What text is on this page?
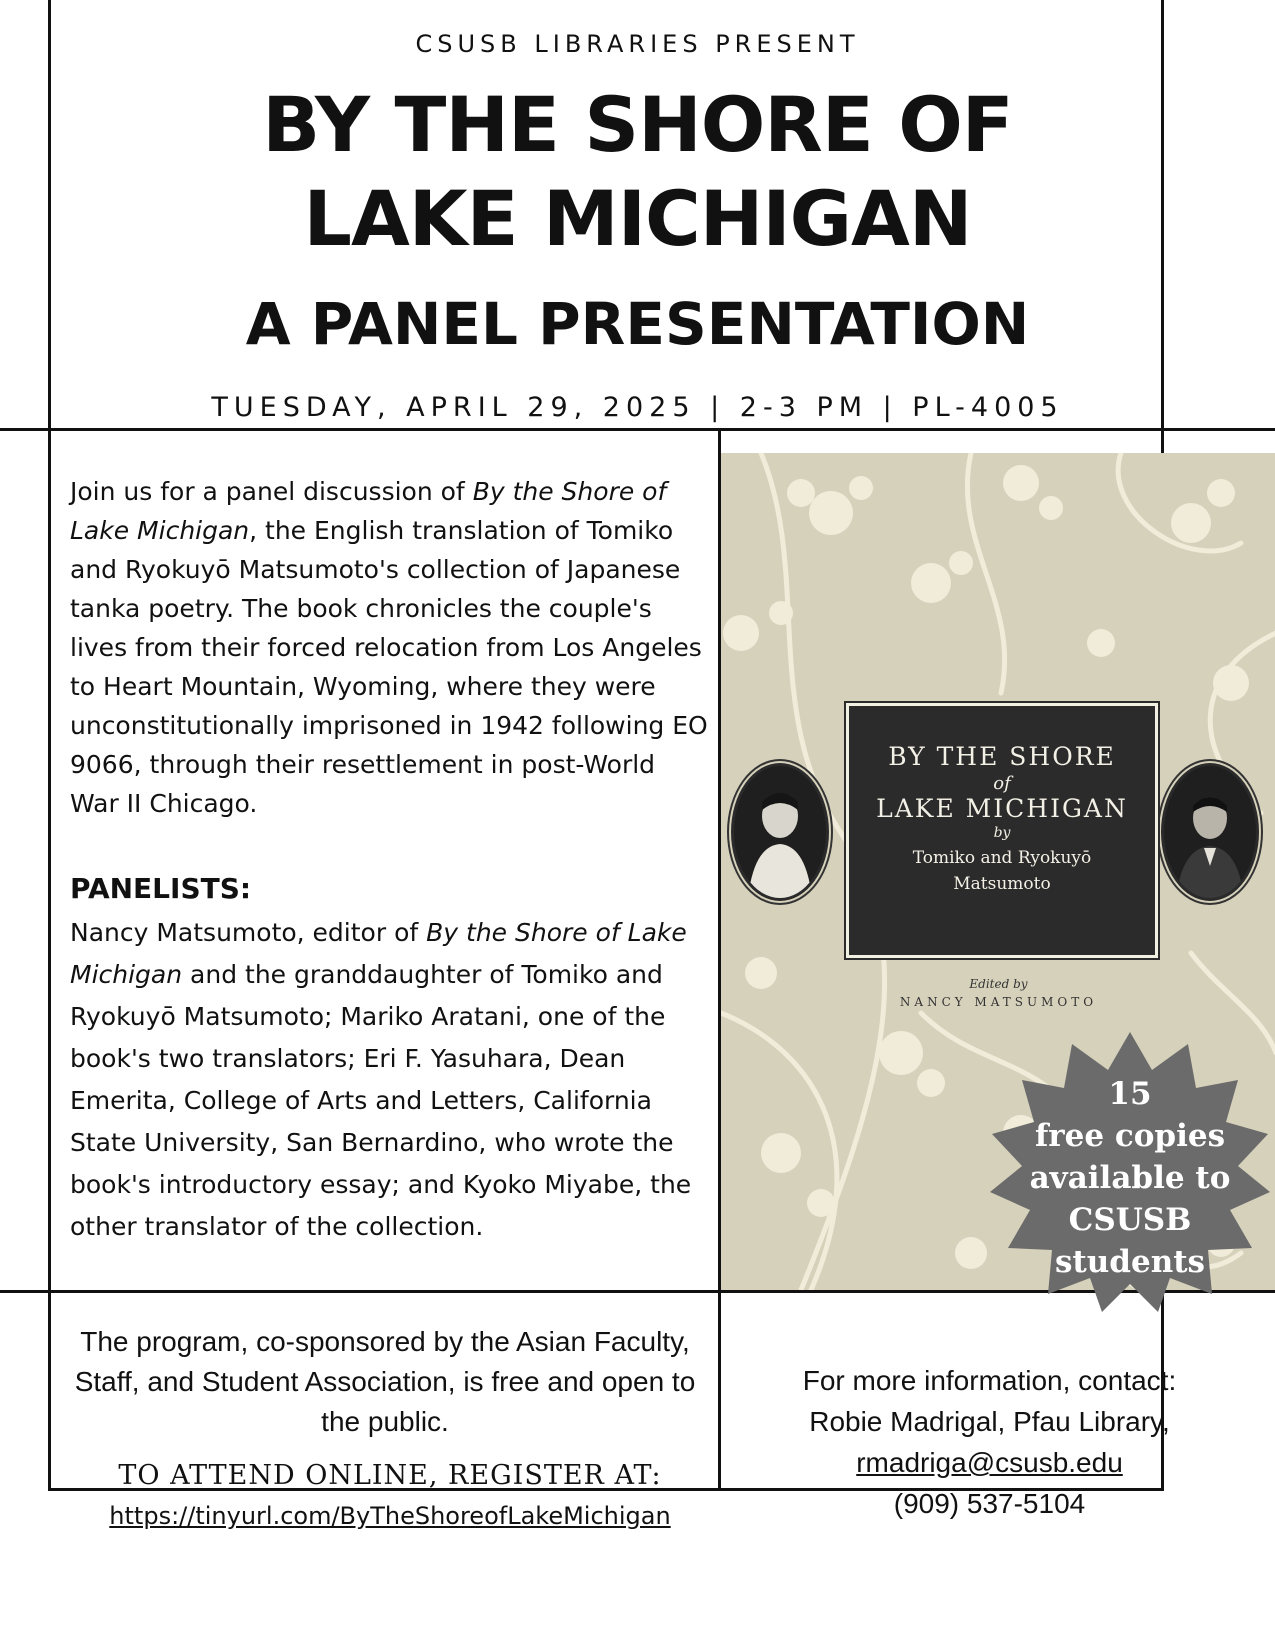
CSUSB LIBRARIES PRESENT
BY THE SHORE OF
LAKE MICHIGAN
A PANEL PRESENTATION
TUESDAY, APRIL 29, 2025 | 2-3 PM | PL-4005
Join us for a panel discussion of By the Shore of Lake Michigan, the English translation of Tomiko and Ryokuyō Matsumoto's collection of Japanese tanka poetry. The book chronicles the couple's lives from their forced relocation from Los Angeles to Heart Mountain, Wyoming, where they were unconstitutionally imprisoned in 1942 following EO 9066, through their resettlement in post-World War II Chicago.
PANELISTS:
Nancy Matsumoto, editor of By the Shore of Lake Michigan and the granddaughter of Tomiko and Ryokuyō Matsumoto; Mariko Aratani, one of the book's two translators; Eri F. Yasuhara, Dean Emerita, College of Arts and Letters, California State University, San Bernardino, who wrote the book's introductory essay; and Kyoko Miyabe, the other translator of the collection.
BY THE SHORE
of
LAKE MICHIGAN
by
Tomiko and Ryokuyō
Matsumoto
Edited by
NANCY MATSUMOTO
15
free copies
available to
CSUSB
students
The program, co-sponsored by the Asian Faculty, Staff, and Student Association, is free and open to the public.
TO ATTEND ONLINE, REGISTER AT:
https://tinyurl.com/ByTheShoreofLakeMichigan
For more information, contact:
Robie Madrigal, Pfau Library,
rmadriga@csusb.edu
(909) 537-5104
